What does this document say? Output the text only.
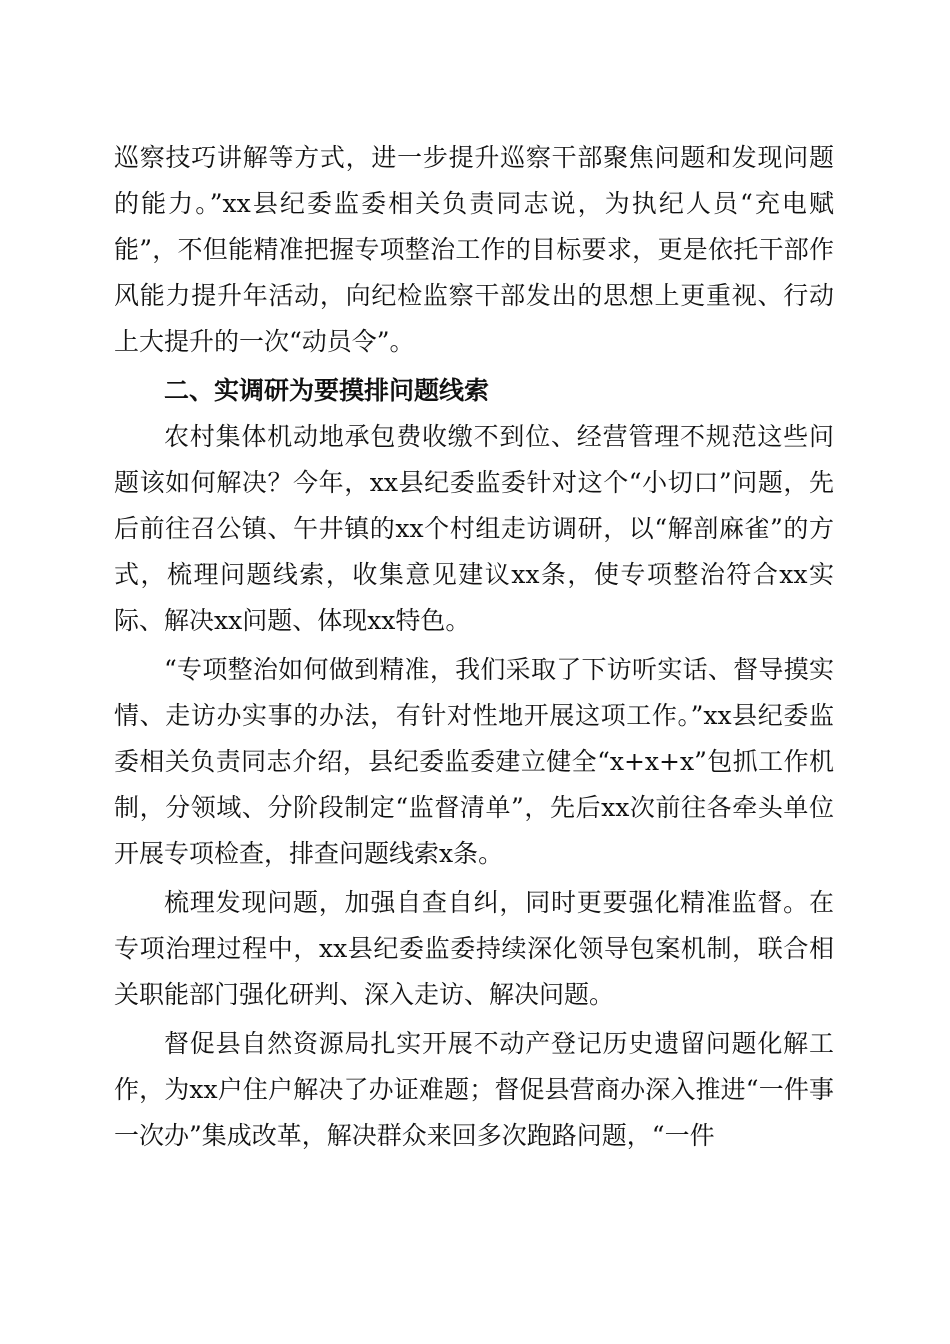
巡察技巧讲解等方式，进一步提升巡察干部聚焦问题和发现问题的能力。”xx县纪委监委相关负责同志说，为执纪人员“充电赋能”，不但能精准把握专项整治工作的目标要求，更是依托干部作风能力提升年活动，向纪检监察干部发出的思想上更重视、行动上大提升的一次“动员令”。

二、实调研为要摸排问题线索

农村集体机动地承包费收缴不到位、经营管理不规范这些问题该如何解决？今年，xx县纪委监委针对这个“小切口”问题，先后前往召公镇、午井镇的xx个村组走访调研，以“解剖麻雀”的方式，梳理问题线索，收集意见建议xx条，使专项整治符合xx实际、解决xx问题、体现xx特色。

“专项整治如何做到精准，我们采取了下访听实话、督导摸实情、走访办实事的办法，有针对性地开展这项工作。”xx县纪委监委相关负责同志介绍，县纪委监委建立健全“x+x+x”包抓工作机制，分领域、分阶段制定“监督清单”，先后xx次前往各牵头单位开展专项检查，排查问题线索x条。

梳理发现问题，加强自查自纠，同时更要强化精准监督。在专项治理过程中，xx县纪委监委持续深化领导包案机制，联合相关职能部门强化研判、深入走访、解决问题。

督促县自然资源局扎实开展不动产登记历史遗留问题化解工作，为xx户住户解决了办证难题；督促县营商办深入推进“一件事一次办”集成改革，解决群众来回多次跑路问题，“一件
